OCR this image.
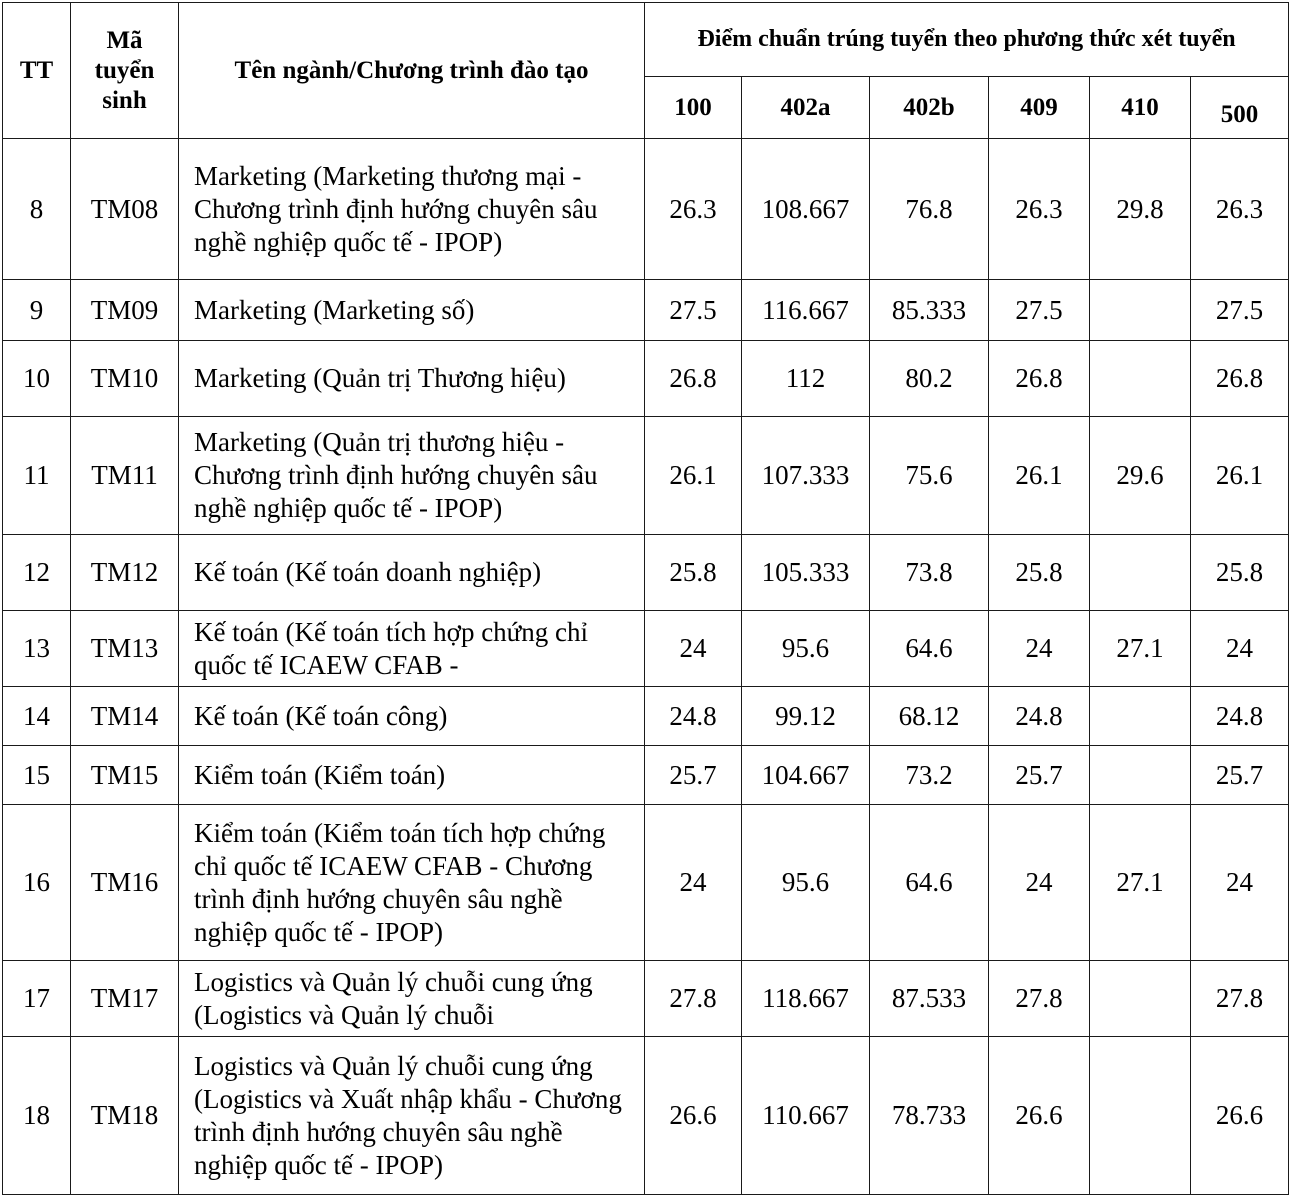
TT	Mã
tuyển
sinh	Tên ngành/Chương trình đào tạo	Điểm chuẩn trúng tuyển theo phương thức xét tuyển					
			100	402a	402b	409	410	500
8	TM08	Marketing (Marketing thương mại - Chương trình định hướng chuyên sâu nghề nghiệp quốc tế - IPOP)	26.3	108.667	76.8	26.3	29.8	26.3
9	TM09	Marketing (Marketing số)	27.5	116.667	85.333	27.5		27.5
10	TM10	Marketing (Quản trị Thương hiệu)	26.8	112	80.2	26.8		26.8
11	TM11	Marketing (Quản trị thương hiệu - Chương trình định hướng chuyên sâu nghề nghiệp quốc tế - IPOP)	26.1	107.333	75.6	26.1	29.6	26.1
12	TM12	Kế toán (Kế toán doanh nghiệp)	25.8	105.333	73.8	25.8		25.8
13	TM13	Kế toán (Kế toán tích hợp chứng chỉ quốc tế ICAEW CFAB -	24	95.6	64.6	24	27.1	24
14	TM14	Kế toán (Kế toán công)	24.8	99.12	68.12	24.8		24.8
15	TM15	Kiểm toán (Kiểm toán)	25.7	104.667	73.2	25.7		25.7
16	TM16	Kiểm toán (Kiểm toán tích hợp chứng chỉ quốc tế ICAEW CFAB - Chương trình định hướng chuyên sâu nghề nghiệp quốc tế - IPOP)	24	95.6	64.6	24	27.1	24
17	TM17	Logistics và Quản lý chuỗi cung ứng (Logistics và Quản lý chuỗi	27.8	118.667	87.533	27.8		27.8
18	TM18	Logistics và Quản lý chuỗi cung ứng (Logistics và Xuất nhập khẩu - Chương trình định hướng chuyên sâu nghề nghiệp quốc tế - IPOP)	26.6	110.667	78.733	26.6		26.6
